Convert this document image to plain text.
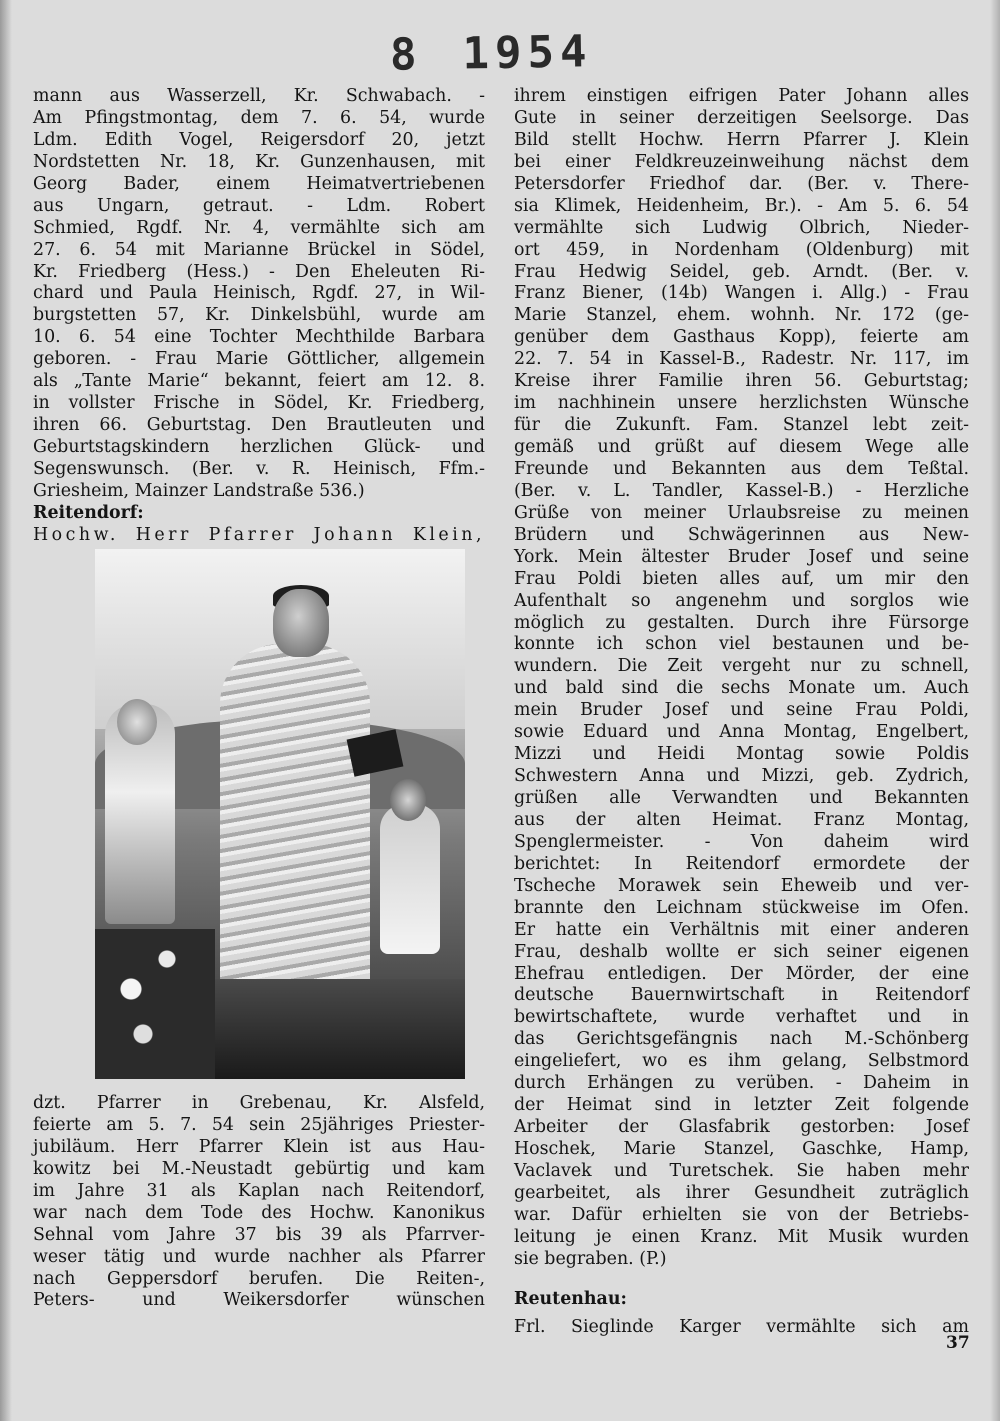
8 1954
mann aus Wasserzell, Kr. Schwabach. -
Am Pfingstmontag, dem 7. 6. 54, wurde
Ldm. Edith Vogel, Reigersdorf 20, jetzt
Nordstetten Nr. 18, Kr. Gunzenhausen, mit
Georg Bader, einem Heimatvertriebenen
aus Ungarn, getraut. - Ldm. Robert
Schmied, Rgdf. Nr. 4, vermählte sich am
27. 6. 54 mit Marianne Brückel in Södel,
Kr. Friedberg (Hess.) - Den Eheleuten Ri-
chard und Paula Heinisch, Rgdf. 27, in Wil-
burgstetten 57, Kr. Dinkelsbühl, wurde am
10. 6. 54 eine Tochter Mechthilde Barbara
geboren. - Frau Marie Göttlicher, allgemein
als „Tante Marie“ bekannt, feiert am 12. 8.
in vollster Frische in Södel, Kr. Friedberg,
ihren 66. Geburtstag. Den Brautleuten und
Geburtstagskindern herzlichen Glück- und
Segenswunsch. (Ber. v. R. Heinisch, Ffm.-
Griesheim, Mainzer Landstraße 536.)
Reitendorf:
Hochw. Herr Pfarrer Johann Klein,
dzt. Pfarrer in Grebenau, Kr. Alsfeld,
feierte am 5. 7. 54 sein 25jähriges Priester-
jubiläum. Herr Pfarrer Klein ist aus Hau-
kowitz bei M.-Neustadt gebürtig und kam
im Jahre 31 als Kaplan nach Reitendorf,
war nach dem Tode des Hochw. Kanonikus
Sehnal vom Jahre 37 bis 39 als Pfarrver-
weser tätig und wurde nachher als Pfarrer
nach Geppersdorf berufen. Die Reiten-,
Peters- und Weikersdorfer wünschen
ihrem einstigen eifrigen Pater Johann alles
Gute in seiner derzeitigen Seelsorge. Das
Bild stellt Hochw. Herrn Pfarrer J. Klein
bei einer Feldkreuzeinweihung nächst dem
Petersdorfer Friedhof dar. (Ber. v. There-
sia Klimek, Heidenheim, Br.). - Am 5. 6. 54
vermählte sich Ludwig Olbrich, Nieder-
ort 459, in Nordenham (Oldenburg) mit
Frau Hedwig Seidel, geb. Arndt. (Ber. v.
Franz Biener, (14b) Wangen i. Allg.) - Frau
Marie Stanzel, ehem. wohnh. Nr. 172 (ge-
genüber dem Gasthaus Kopp), feierte am
22. 7. 54 in Kassel-B., Radestr. Nr. 117, im
Kreise ihrer Familie ihren 56. Geburtstag;
im nachhinein unsere herzlichsten Wünsche
für die Zukunft. Fam. Stanzel lebt zeit-
gemäß und grüßt auf diesem Wege alle
Freunde und Bekannten aus dem Teßtal.
(Ber. v. L. Tandler, Kassel-B.) - Herzliche
Grüße von meiner Urlaubsreise zu meinen
Brüdern und Schwägerinnen aus New-
York. Mein ältester Bruder Josef und seine
Frau Poldi bieten alles auf, um mir den
Aufenthalt so angenehm und sorglos wie
möglich zu gestalten. Durch ihre Fürsorge
konnte ich schon viel bestaunen und be-
wundern. Die Zeit vergeht nur zu schnell,
und bald sind die sechs Monate um. Auch
mein Bruder Josef und seine Frau Poldi,
sowie Eduard und Anna Montag, Engelbert,
Mizzi und Heidi Montag sowie Poldis
Schwestern Anna und Mizzi, geb. Zydrich,
grüßen alle Verwandten und Bekannten
aus der alten Heimat. Franz Montag,
Spenglermeister. - Von daheim wird
berichtet: In Reitendorf ermordete der
Tscheche Morawek sein Eheweib und ver-
brannte den Leichnam stückweise im Ofen.
Er hatte ein Verhältnis mit einer anderen
Frau, deshalb wollte er sich seiner eigenen
Ehefrau entledigen. Der Mörder, der eine
deutsche Bauernwirtschaft in Reitendorf
bewirtschaftete, wurde verhaftet und in
das Gerichtsgefängnis nach M.-Schönberg
eingeliefert, wo es ihm gelang, Selbstmord
durch Erhängen zu verüben. - Daheim in
der Heimat sind in letzter Zeit folgende
Arbeiter der Glasfabrik gestorben: Josef
Hoschek, Marie Stanzel, Gaschke, Hamp,
Vaclavek und Turetschek. Sie haben mehr
gearbeitet, als ihrer Gesundheit zuträglich
war. Dafür erhielten sie von der Betriebs-
leitung je einen Kranz. Mit Musik wurden
sie begraben. (P.)
Reutenhau:
Frl. Sieglinde Karger vermählte sich am
37
